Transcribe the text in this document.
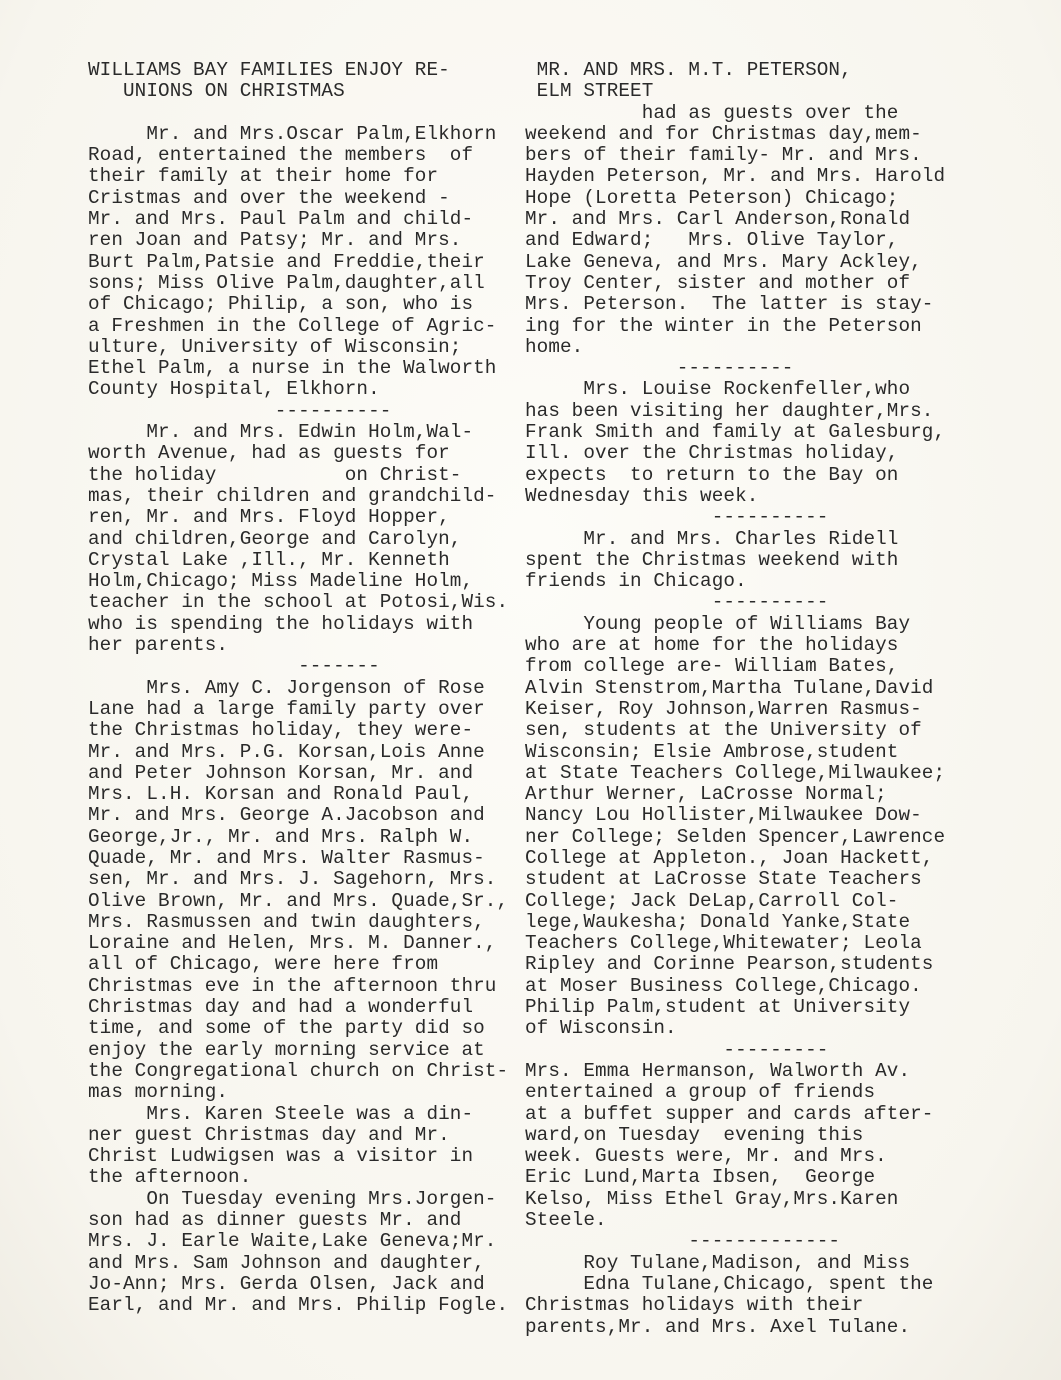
WILLIAMS BAY FAMILIES ENJOY RE-
UNIONS ON CHRISTMAS
Mr. and Mrs.Oscar Palm,Elkhorn
Road, entertained the members  of
their family at their home for
Cristmas and over the weekend -
Mr. and Mrs. Paul Palm and child-
ren Joan and Patsy; Mr. and Mrs.
Burt Palm,Patsie and Freddie,their
sons; Miss Olive Palm,daughter,all
of Chicago; Philip, a son, who is
a Freshmen in the College of Agric-
ulture, University of Wisconsin;
Ethel Palm, a nurse in the Walworth
County Hospital, Elkhorn.
----------
Mr. and Mrs. Edwin Holm,Wal-
worth Avenue, had as guests for
the holiday           on Christ-
mas, their children and grandchild-
ren, Mr. and Mrs. Floyd Hopper,
and children,George and Carolyn,
Crystal Lake ,Ill., Mr. Kenneth
Holm,Chicago; Miss Madeline Holm,
teacher in the school at Potosi,Wis.
who is spending the holidays with
her parents.
-------
Mrs. Amy C. Jorgenson of Rose
Lane had a large family party over
the Christmas holiday, they were-
Mr. and Mrs. P.G. Korsan,Lois Anne
and Peter Johnson Korsan, Mr. and
Mrs. L.H. Korsan and Ronald Paul,
Mr. and Mrs. George A.Jacobson and
George,Jr., Mr. and Mrs. Ralph W.
Quade, Mr. and Mrs. Walter Rasmus-
sen, Mr. and Mrs. J. Sagehorn, Mrs.
Olive Brown, Mr. and Mrs. Quade,Sr.,
Mrs. Rasmussen and twin daughters,
Loraine and Helen, Mrs. M. Danner.,
all of Chicago, were here from
Christmas eve in the afternoon thru
Christmas day and had a wonderful
time, and some of the party did so
enjoy the early morning service at
the Congregational church on Christ-
mas morning.
Mrs. Karen Steele was a din-
ner guest Christmas day and Mr.
Christ Ludwigsen was a visitor in
the afternoon.
On Tuesday evening Mrs.Jorgen-
son had as dinner guests Mr. and
Mrs. J. Earle Waite,Lake Geneva;Mr.
and Mrs. Sam Johnson and daughter,
Jo-Ann; Mrs. Gerda Olsen, Jack and
Earl, and Mr. and Mrs. Philip Fogle.
MR. AND MRS. M.T. PETERSON,
ELM STREET
had as guests over the
weekend and for Christmas day,mem-
bers of their family- Mr. and Mrs.
Hayden Peterson, Mr. and Mrs. Harold
Hope (Loretta Peterson) Chicago;
Mr. and Mrs. Carl Anderson,Ronald
and Edward;   Mrs. Olive Taylor,
Lake Geneva, and Mrs. Mary Ackley,
Troy Center, sister and mother of
Mrs. Peterson.  The latter is stay-
ing for the winter in the Peterson
home.
----------
Mrs. Louise Rockenfeller,who
has been visiting her daughter,Mrs.
Frank Smith and family at Galesburg,
Ill. over the Christmas holiday,
expects  to return to the Bay on
Wednesday this week.
----------
Mr. and Mrs. Charles Ridell
spent the Christmas weekend with
friends in Chicago.
----------
Young people of Williams Bay
who are at home for the holidays
from college are- William Bates,
Alvin Stenstrom,Martha Tulane,David
Keiser, Roy Johnson,Warren Rasmus-
sen, students at the University of
Wisconsin; Elsie Ambrose,student
at State Teachers College,Milwaukee;
Arthur Werner, LaCrosse Normal;
Nancy Lou Hollister,Milwaukee Dow-
ner College; Selden Spencer,Lawrence
College at Appleton., Joan Hackett,
student at LaCrosse State Teachers
College; Jack DeLap,Carroll Col-
lege,Waukesha; Donald Yanke,State
Teachers College,Whitewater; Leola
Ripley and Corinne Pearson,students
at Moser Business College,Chicago.
Philip Palm,student at University
of Wisconsin.
---------
Mrs. Emma Hermanson, Walworth Av.
entertained a group of friends
at a buffet supper and cards after-
ward,on Tuesday  evening this
week. Guests were, Mr. and Mrs.
Eric Lund,Marta Ibsen,  George
Kelso, Miss Ethel Gray,Mrs.Karen
Steele.
-------------
Roy Tulane,Madison, and Miss
Edna Tulane,Chicago, spent the
Christmas holidays with their
parents,Mr. and Mrs. Axel Tulane.
